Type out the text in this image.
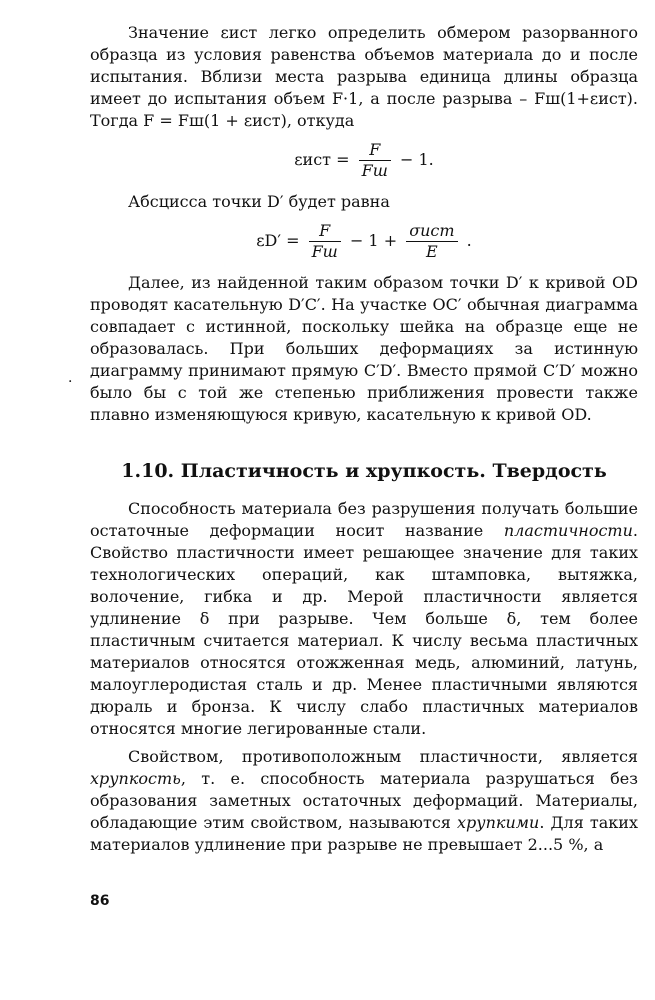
Значение εист легко определить обмером разорванного образца из условия равенства объемов материала до и после испытания. Вблизи места разрыва единица длины образца имеет до испытания объем F·1, а после разрыва – Fш(1+εист). Тогда F = Fш(1 + εист), откуда

$\varepsilon ист = \frac{F}{Fш} - 1$.

Абсцисса точки D′ будет равна

$\varepsilon D' = \frac{F}{Fш} - 1 + \frac{\text{σист}}{E}$ .

Далее, из найденной таким образом точки D′ к кривой OD проводят касательную D′C′. На участке OC′ обычная диаграмма совпадает с истинной, поскольку шейка на образце еще не образовалась. При больших деформациях за истинную диаграмму принимают прямую C′D′. Вместо прямой C′D′ можно было бы с той же степенью приближения провести также плавно изменяющуюся кривую, касательную к кривой OD.

1.10. Пластичность и хрупкость. Твердость

Способность материала без разрушения получать большие остаточные деформации носит название пластичности. Свойство пластичности имеет решающее значение для таких технологических операций, как штамповка, вытяжка, волочение, гибка и др. Мерой пластичности является удлинение δ при разрыве. Чем больше δ, тем более пластичным считается материал. К числу весьма пластичных материалов относятся отожженная медь, алюминий, латунь, малоуглеродистая сталь и др. Менее пластичными являются дюраль и бронза. К числу слабо пластичных материалов относятся многие легированные стали.

Свойством, противоположным пластичности, является хрупкость, т. е. способность материала разрушаться без образования заметных остаточных деформаций. Материалы, обладающие этим свойством, называются хрупкими. Для таких материалов удлинение при разрыве не превышает 2...5 %, а

·
86
